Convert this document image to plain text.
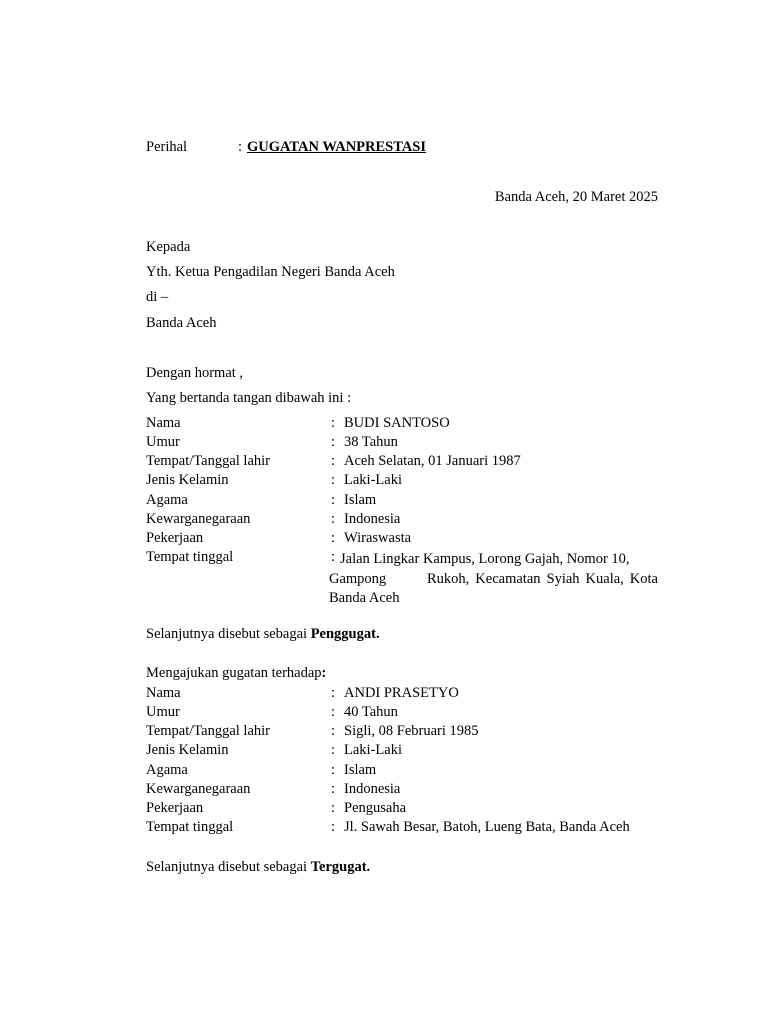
Perihal	: GUGATAN WANPRESTASI
Banda Aceh, 20 Maret 2025
Kepada
Yth. Ketua Pengadilan Negeri Banda Aceh
di –
Banda Aceh
Dengan hormat ,
Yang bertanda tangan dibawah ini :
Nama	: BUDI SANTOSO
Umur	: 38 Tahun
Tempat/Tanggal lahir	: Aceh Selatan, 01 Januari 1987
Jenis Kelamin	: Laki-Laki
Agama	: Islam
Kewarganegaraan	: Indonesia
Pekerjaan	: Wiraswasta
Tempat tinggal	: Jalan Lingkar Kampus, Lorong Gajah, Nomor 10,
Gampong	Rukoh, Kecamatan Syiah Kuala, Kota
Banda Aceh
Selanjutnya disebut sebagai Penggugat.
Mengajukan gugatan terhadap:
Nama	: ANDI PRASETYO
Umur	: 40 Tahun
Tempat/Tanggal lahir	: Sigli, 08 Februari 1985
Jenis Kelamin	: Laki-Laki
Agama	: Islam
Kewarganegaraan	: Indonesia
Pekerjaan	: Pengusaha
Tempat tinggal	: Jl. Sawah Besar, Batoh, Lueng Bata, Banda Aceh
Selanjutnya disebut sebagai Tergugat.
